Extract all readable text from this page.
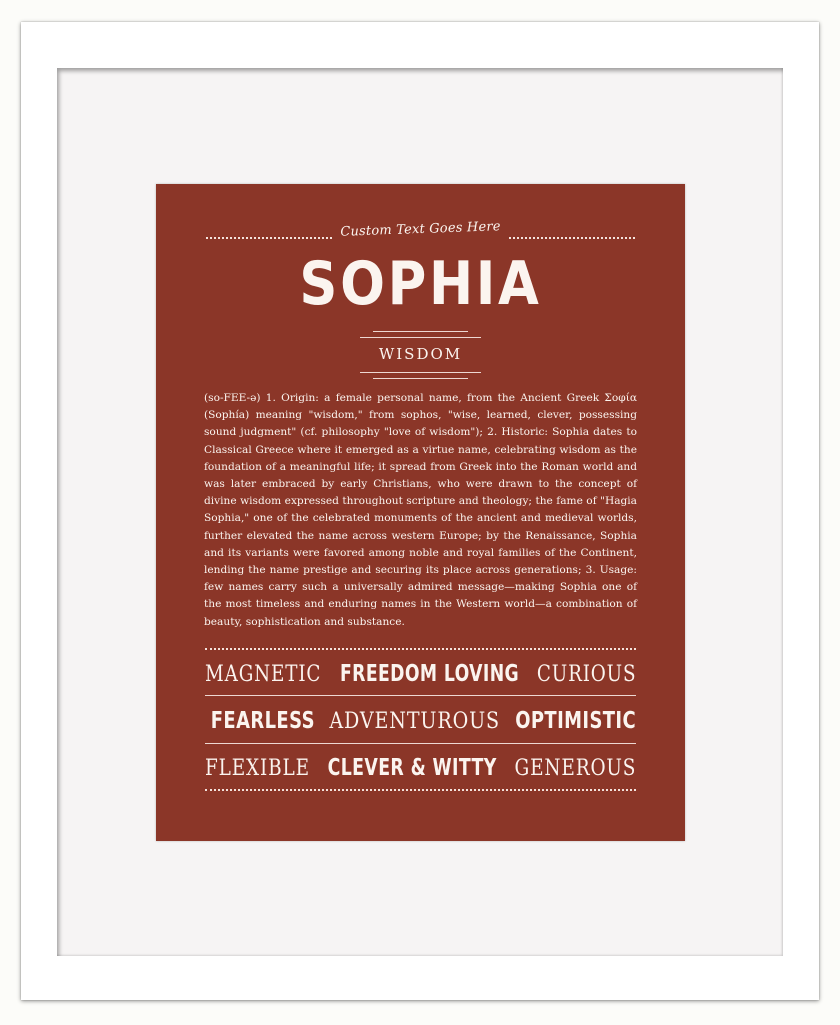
Custom Text Goes Here
SOPHIA
WISDOM
(so-FEE-ə) 1. Origin: a female personal name, from the Ancient Greek Σοφία (Sophía) meaning "wisdom," from sophos, "wise, learned, clever, possessing sound judgment" (cf. philosophy "love of wisdom"); 2. Historic: Sophia dates to Classical Greece where it emerged as a virtue name, celebrating wisdom as the foundation of a meaningful life; it spread from Greek into the Roman world and was later embraced by early Christians, who were drawn to the concept of divine wisdom expressed throughout scripture and theology; the fame of "Hagia Sophia," one of the celebrated monuments of the ancient and medieval worlds, further elevated the name across western Europe; by the Renaissance, Sophia and its variants were favored among noble and royal families of the Continent, lending the name prestige and securing its place across generations; 3. Usage: few names carry such a universally admired message—making Sophia one of the most timeless and enduring names in the Western world—a combination of beauty, sophistication and substance.
MAGNETIC FREEDOM LOVING CURIOUS
FEARLESS ADVENTUROUS OPTIMISTIC
FLEXIBLE CLEVER & WITTY GENEROUS
